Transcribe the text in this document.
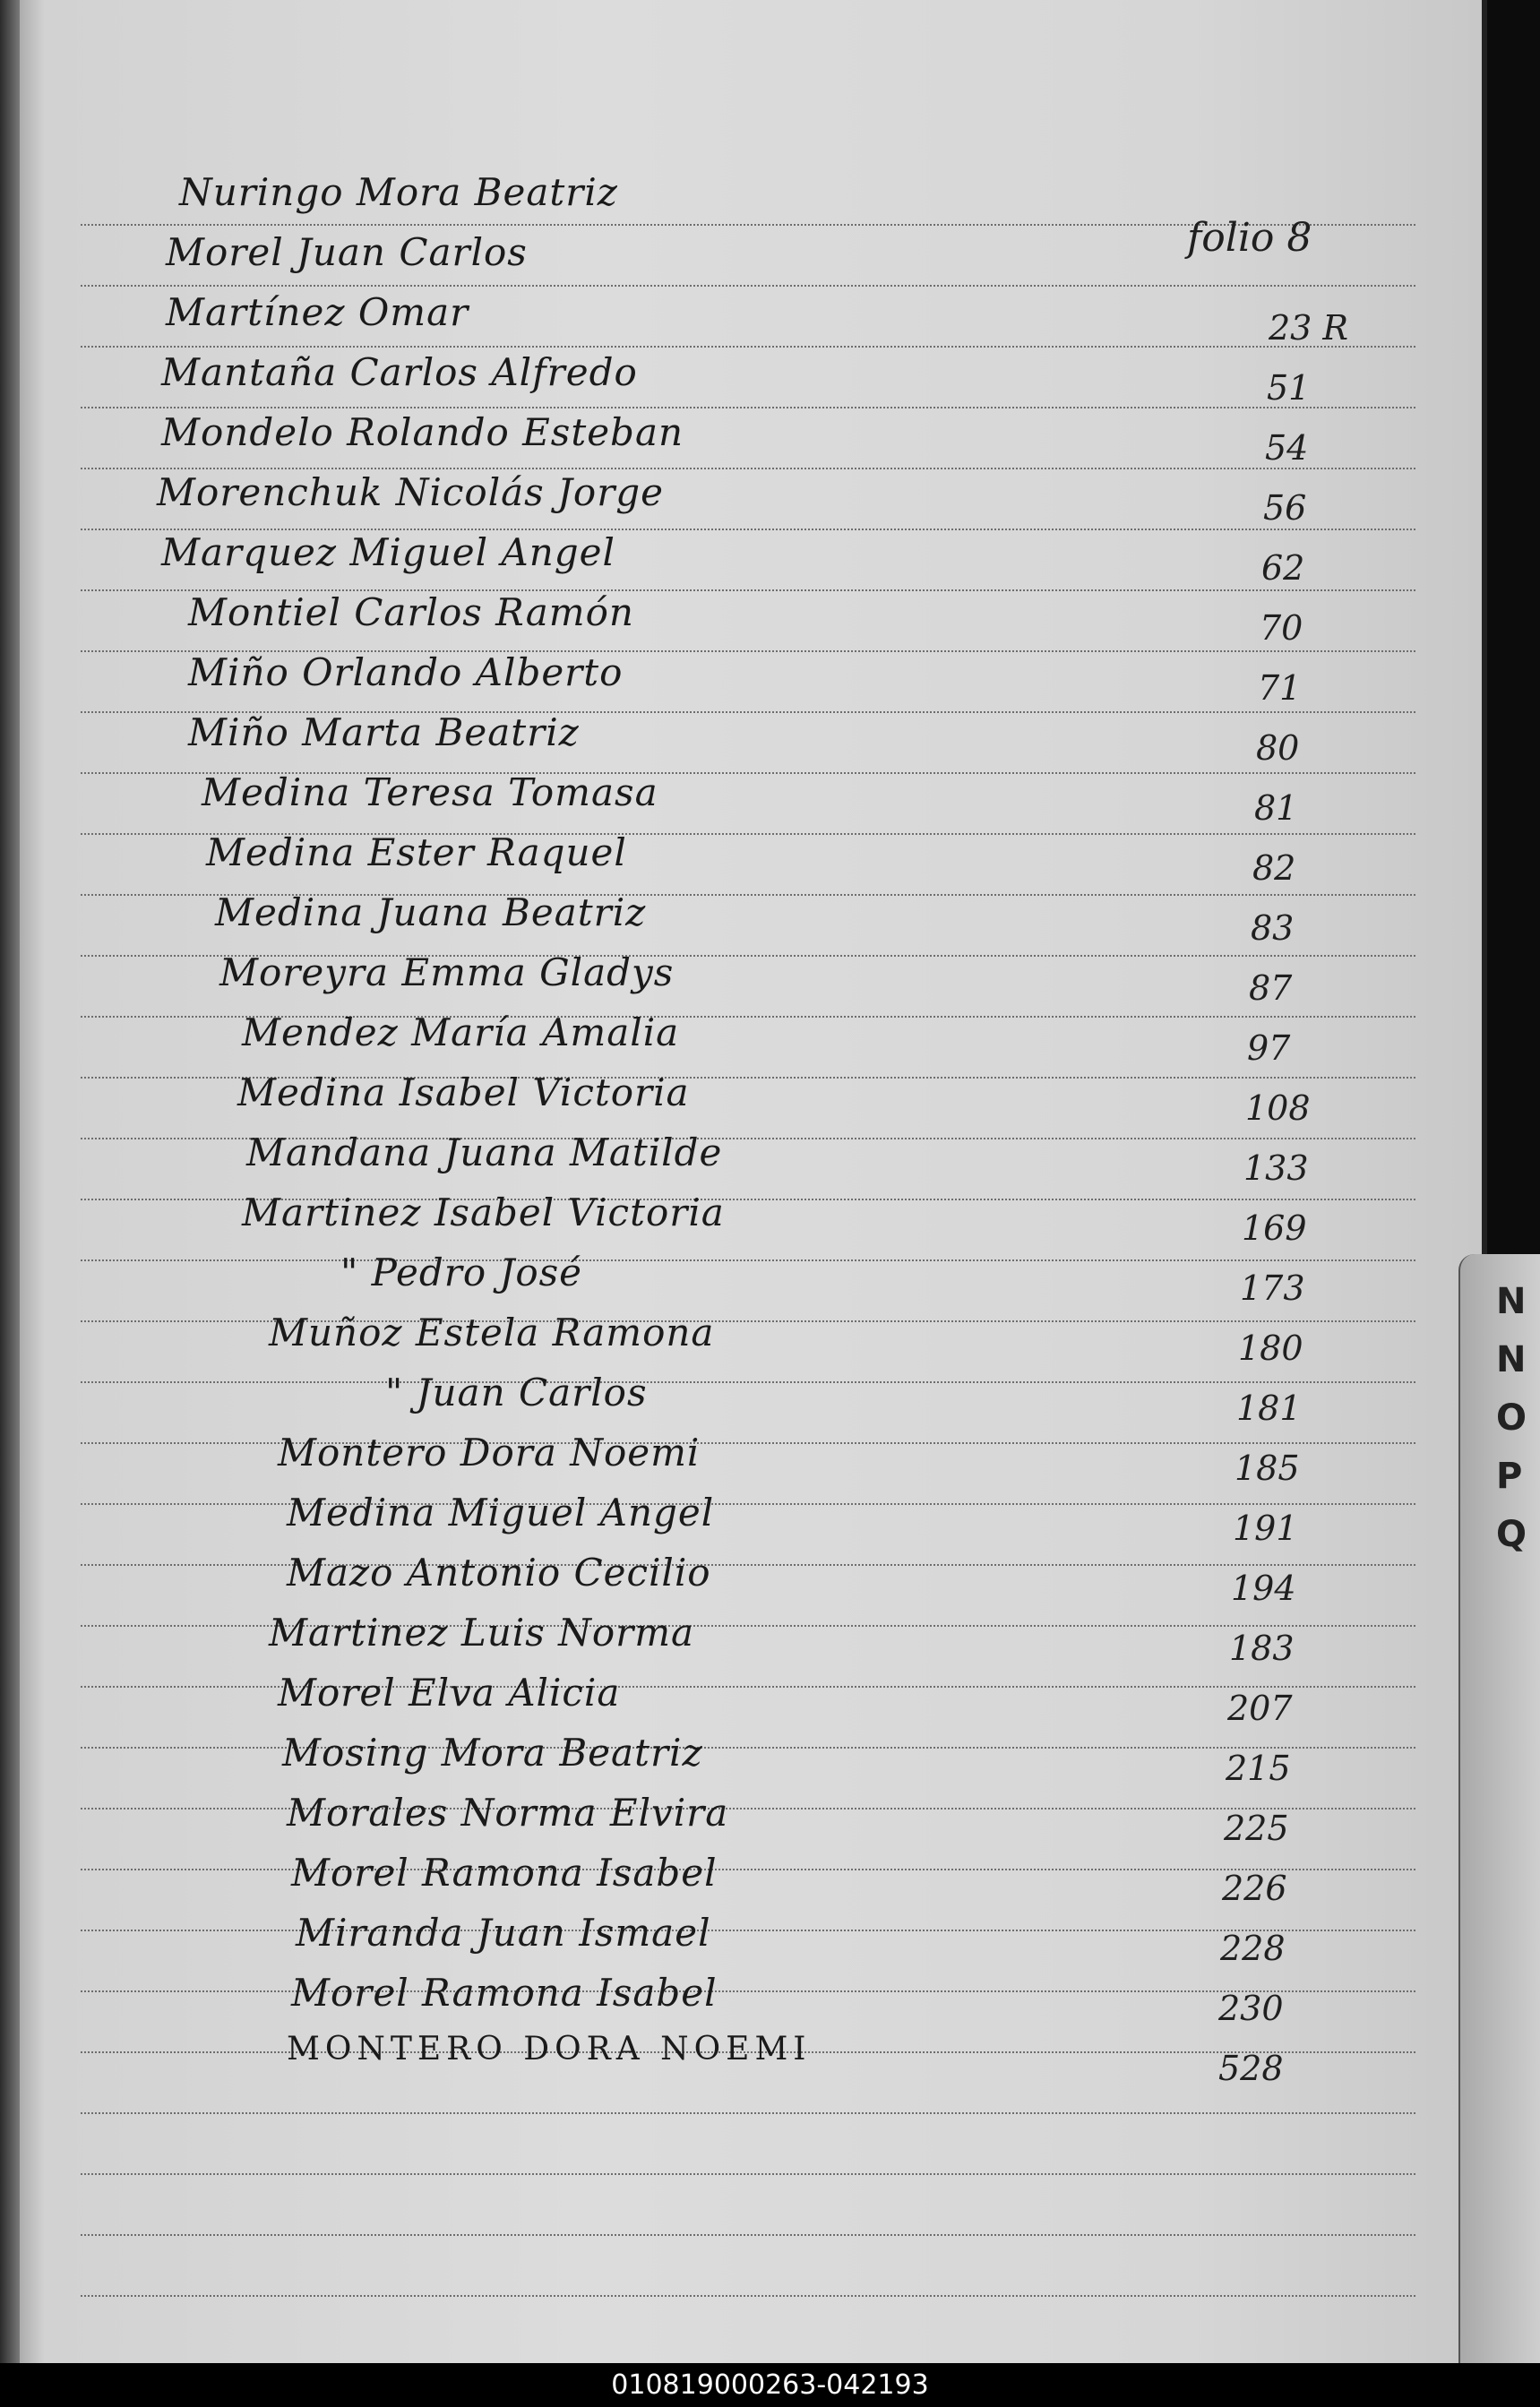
N
N
O
P
Q
folio 8
Nuringo Mora Beatriz
Morel Juan Carlos
Martínez Omar	23 R
Mantaña Carlos Alfredo	51
Mondelo Rolando Esteban	54
Morenchuk Nicolás Jorge	56
Marquez Miguel Angel	62
Montiel Carlos Ramón	70
Miño Orlando Alberto	71
Miño Marta Beatriz	80
Medina Teresa Tomasa	81
Medina Ester Raquel	82
Medina Juana Beatriz	83
Moreyra Emma Gladys	87
Mendez María Amalia	97
Medina Isabel Victoria	108
Mandana Juana Matilde	133
Martinez Isabel Victoria	169
" Pedro José	173
Muñoz Estela Ramona	180
" Juan Carlos	181
Montero Dora Noemi	185
Medina Miguel Angel	191
Mazo Antonio Cecilio	194
Martinez Luis Norma	183
Morel Elva Alicia	207
Mosing Mora Beatriz	215
Morales Norma Elvira	225
Morel Ramona Isabel	226
Miranda Juan Ismael	228
Morel Ramona Isabel	230
MONTERO DORA NOEMI	528
010819000263-042193
